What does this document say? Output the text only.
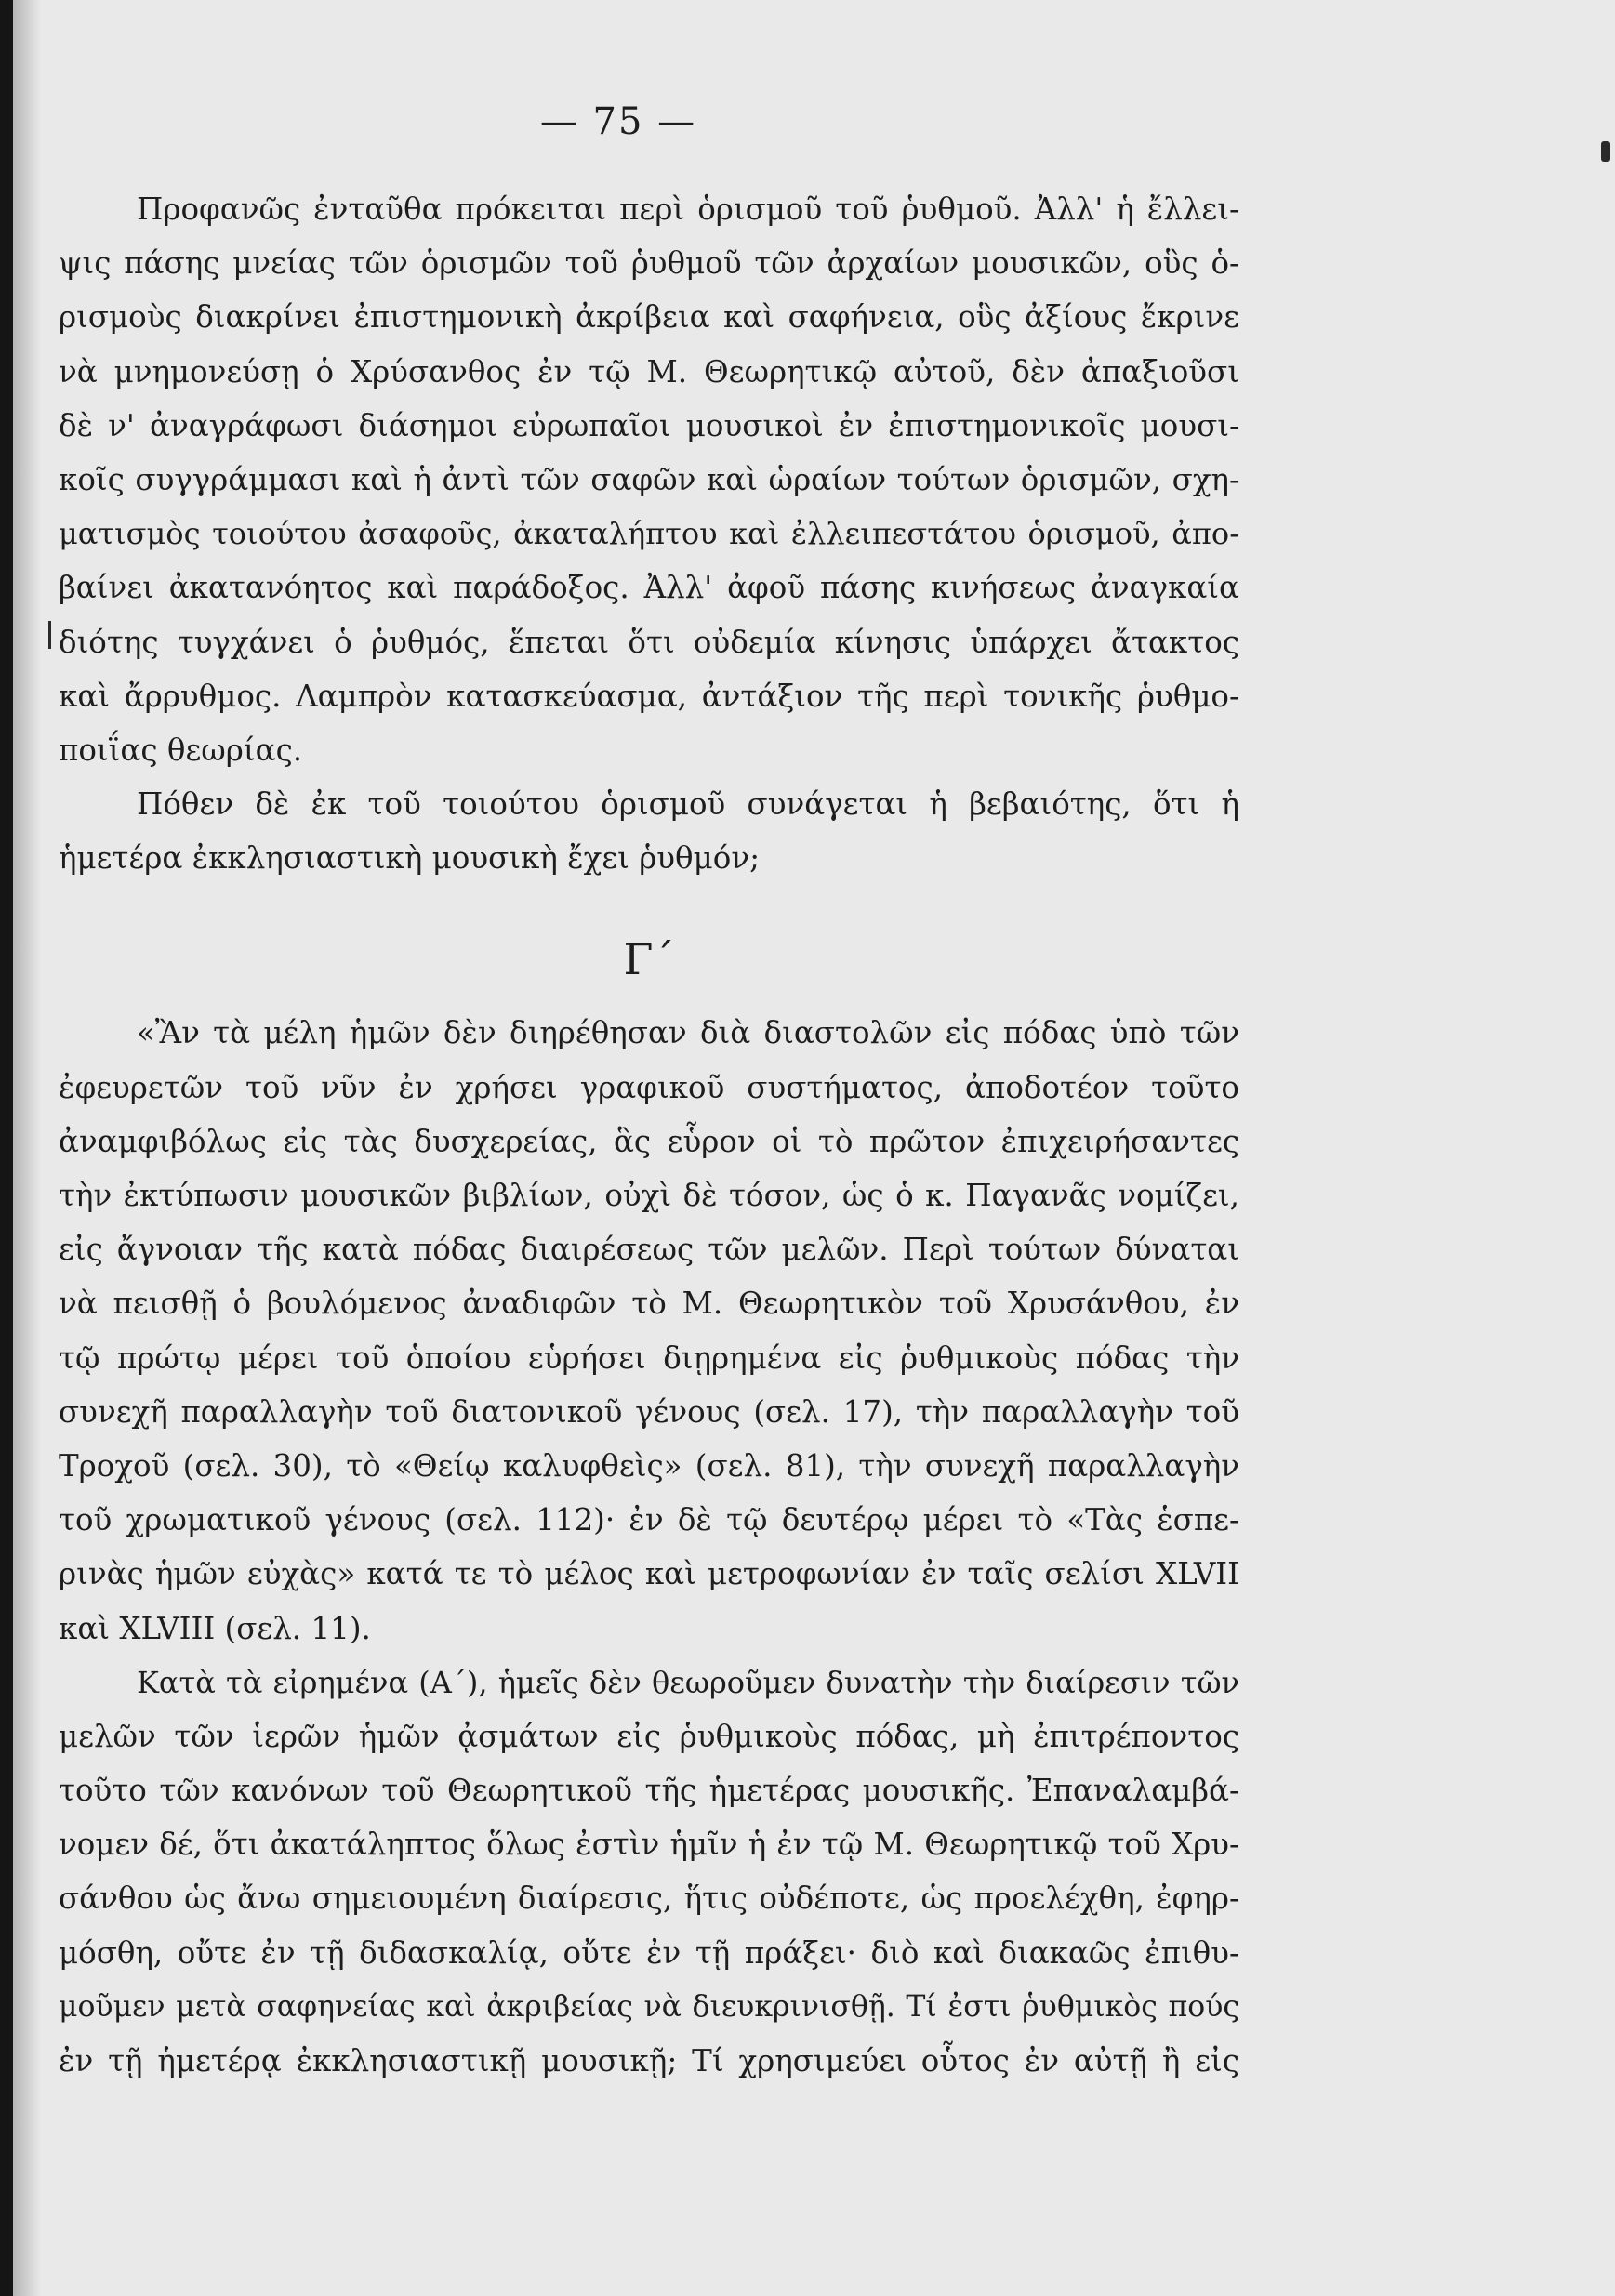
— 75 —
Προφανῶς ἐνταῦθα πρόκειται περὶ ὁρισμοῦ τοῦ ῥυθμοῦ. Ἀλλ' ἡ ἔλλει-
ψις πάσης μνείας τῶν ὁρισμῶν τοῦ ῥυθμοῦ τῶν ἀρχαίων μουσικῶν, οὓς ὁ-
ρισμοὺς διακρίνει ἐπιστημονικὴ ἀκρίβεια καὶ σαφήνεια, οὓς ἀξίους ἔκρινε
νὰ μνημονεύσῃ ὁ Χρύσανθος ἐν τῷ Μ. Θεωρητικῷ αὐτοῦ, δὲν ἀπαξιοῦσι
δὲ ν' ἀναγράφωσι διάσημοι εὐρωπαῖοι μουσικοὶ ἐν ἐπιστημονικοῖς μουσι-
κοῖς συγγράμμασι καὶ ἡ ἀντὶ τῶν σαφῶν καὶ ὡραίων τούτων ὁρισμῶν, σχη-
ματισμὸς τοιούτου ἀσαφοῦς, ἀκαταλήπτου καὶ ἐλλειπεστάτου ὁρισμοῦ, ἀπο-
βαίνει ἀκατανόητος καὶ παράδοξος. Ἀλλ' ἀφοῦ πάσης κινήσεως ἀναγκαία
διότης τυγχάνει ὁ ῥυθμός, ἕπεται ὅτι οὐδεμία κίνησις ὑπάρχει ἄτακτος
καὶ ἄρρυθμος. Λαμπρὸν κατασκεύασμα, ἀντάξιον τῆς περὶ τονικῆς ῥυθμο-
ποιΐας θεωρίας.
Πόθεν δὲ ἐκ τοῦ τοιούτου ὁρισμοῦ συνάγεται ἡ βεβαιότης, ὅτι ἡ
ἡμετέρα ἐκκλησιαστικὴ μουσικὴ ἔχει ῥυθμόν;
Γ΄
«Ἂν τὰ μέλη ἡμῶν δὲν διηρέθησαν διὰ διαστολῶν εἰς πόδας ὑπὸ τῶν
ἐφευρετῶν τοῦ νῦν ἐν χρήσει γραφικοῦ συστήματος, ἀποδοτέον τοῦτο
ἀναμφιβόλως εἰς τὰς δυσχερείας, ἃς εὗρον οἱ τὸ πρῶτον ἐπιχειρήσαντες
τὴν ἐκτύπωσιν μουσικῶν βιβλίων, οὐχὶ δὲ τόσον, ὡς ὁ κ. Παγανᾶς νομίζει,
εἰς ἄγνοιαν τῆς κατὰ πόδας διαιρέσεως τῶν μελῶν. Περὶ τούτων δύναται
νὰ πεισθῇ ὁ βουλόμενος ἀναδιφῶν τὸ Μ. Θεωρητικὸν τοῦ Χρυσάνθου, ἐν
τῷ πρώτῳ μέρει τοῦ ὁποίου εὑρήσει διῃρημένα εἰς ῥυθμικοὺς πόδας τὴν
συνεχῆ παραλλαγὴν τοῦ διατονικοῦ γένους (σελ. 17), τὴν παραλλαγὴν τοῦ
Τροχοῦ (σελ. 30), τὸ «Θείῳ καλυφθεὶς» (σελ. 81), τὴν συνεχῆ παραλλαγὴν
τοῦ χρωματικοῦ γένους (σελ. 112)· ἐν δὲ τῷ δευτέρῳ μέρει τὸ «Τὰς ἑσπε-
ρινὰς ἡμῶν εὐχὰς» κατά τε τὸ μέλος καὶ μετροφωνίαν ἐν ταῖς σελίσι XLVII
καὶ XLVIII (σελ. 11).
Κατὰ τὰ εἰρημένα (Α΄), ἡμεῖς δὲν θεωροῦμεν δυνατὴν τὴν διαίρεσιν τῶν
μελῶν τῶν ἱερῶν ἡμῶν ᾀσμάτων εἰς ῥυθμικοὺς πόδας, μὴ ἐπιτρέποντος
τοῦτο τῶν κανόνων τοῦ Θεωρητικοῦ τῆς ἡμετέρας μουσικῆς. Ἐπαναλαμβά-
νομεν δέ, ὅτι ἀκατάληπτος ὅλως ἐστὶν ἡμῖν ἡ ἐν τῷ Μ. Θεωρητικῷ τοῦ Χρυ-
σάνθου ὡς ἄνω σημειουμένη διαίρεσις, ἥτις οὐδέποτε, ὡς προελέχθη, ἐφηρ-
μόσθη, οὔτε ἐν τῇ διδασκαλίᾳ, οὔτε ἐν τῇ πράξει· διὸ καὶ διακαῶς ἐπιθυ-
μοῦμεν μετὰ σαφηνείας καὶ ἀκριβείας νὰ διευκρινισθῇ. Τί ἐστι ῥυθμικὸς πούς
ἐν τῇ ἡμετέρᾳ ἐκκλησιαστικῇ μουσικῇ; Τί χρησιμεύει οὗτος ἐν αὐτῇ ἢ εἰς
